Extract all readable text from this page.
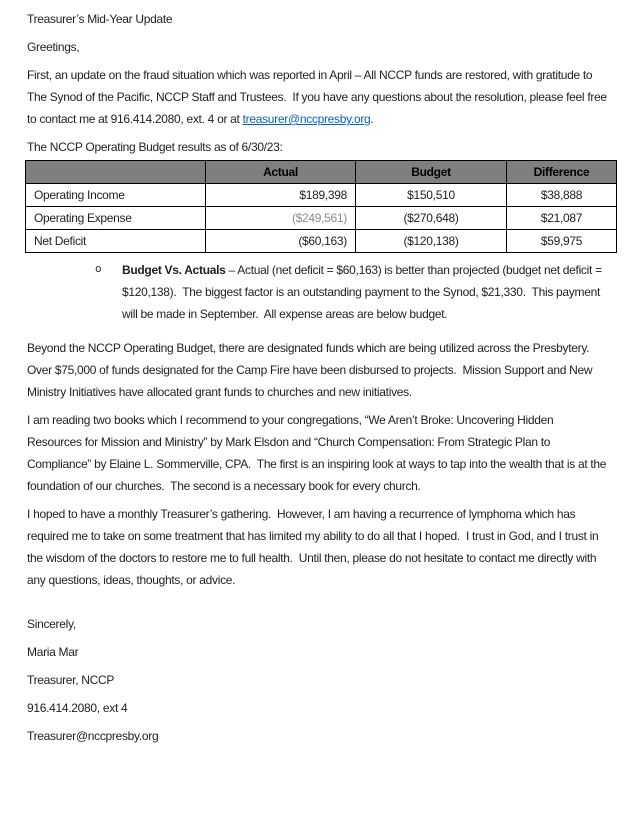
Treasurer’s Mid-Year Update

Greetings,

First, an update on the fraud situation which was reported in April – All NCCP funds are restored, with gratitude to The Synod of the Pacific, NCCP Staff and Trustees.  If you have any questions about the resolution, please feel free to contact me at 916.414.2080, ext. 4 or at treasurer@nccpresby.org.

The NCCP Operating Budget results as of 6/30/23:

	Actual	Budget	Difference
Operating Income	$189,398	$150,510	$38,888
Operating Expense	($249,561)	($270,648)	$21,087
Net Deficit	($60,163)	($120,138)	$59,975
o	Budget Vs. Actuals – Actual (net deficit = $60,163) is better than projected (budget net deficit = $120,138).  The biggest factor is an outstanding payment to the Synod, $21,330.  This payment will be made in September.  All expense areas are below budget.

Beyond the NCCP Operating Budget, there are designated funds which are being utilized across the Presbytery.  Over $75,000 of funds designated for the Camp Fire have been disbursed to projects.  Mission Support and New Ministry Initiatives have allocated grant funds to churches and new initiatives.

I am reading two books which I recommend to your congregations, “We Aren’t Broke: Uncovering Hidden Resources for Mission and Ministry” by Mark Elsdon and “Church Compensation: From Strategic Plan to Compliance” by Elaine L. Sommerville, CPA.  The first is an inspiring look at ways to tap into the wealth that is at the foundation of our churches.  The second is a necessary book for every church.

I hoped to have a monthly Treasurer’s gathering.  However, I am having a recurrence of lymphoma which has required me to take on some treatment that has limited my ability to do all that I hoped.  I trust in God, and I trust in the wisdom of the doctors to restore me to full health.  Until then, please do not hesitate to contact me directly with any questions, ideas, thoughts, or advice.

Sincerely,

Maria Mar

Treasurer, NCCP

916.414.2080, ext 4

Treasurer@nccpresby.org
